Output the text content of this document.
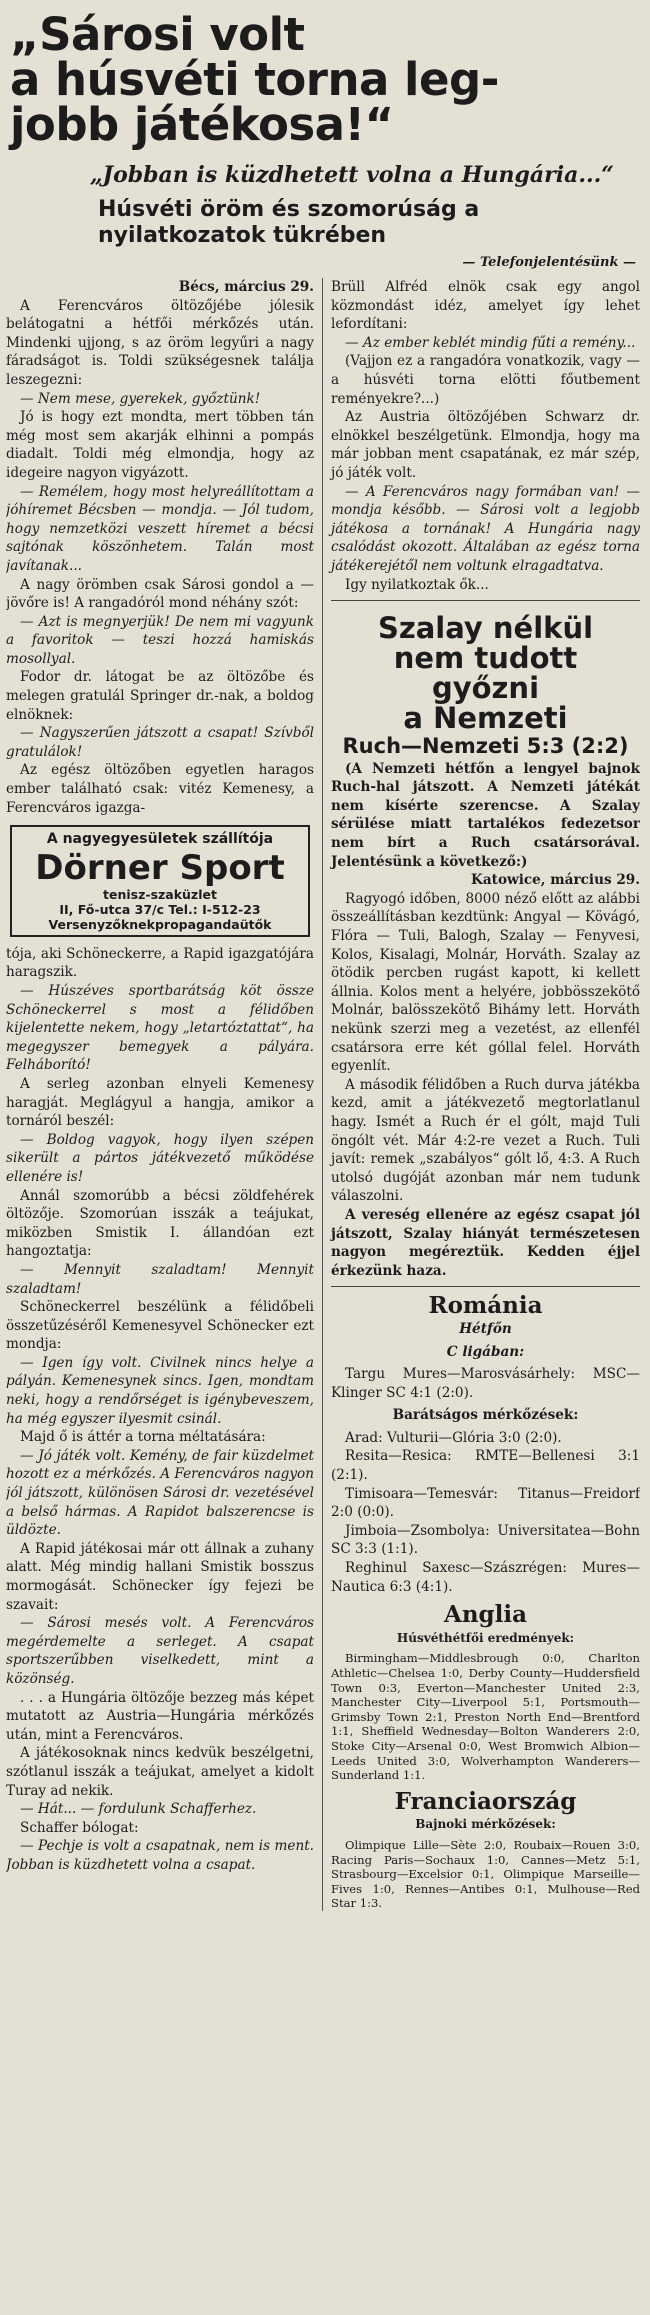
„Sárosi volt
a húsvéti torna leg-
jobb játékosa!“
„Jobban is küzdhetett volna a Hungária...“
Húsvéti öröm és szomorúság a nyilatkozatok tükrében
— Telefonjelentésünk —

Bécs, március 29.

A Ferencváros öltözőjébe jólesik belátogatni a hétfői mérkőzés után. Mindenki ujjong, s az öröm legyűri a nagy fáradságot is. Toldi szükségesnek találja leszegezni:

— Nem mese, gyerekek, győztünk!

Jó is hogy ezt mondta, mert többen tán még most sem akarják elhinni a pompás diadalt. Toldi még elmondja, hogy az idegeire nagyon vigyázott.

— Remélem, hogy most helyreállítottam a jóhíremet Bécsben — mondja. — Jól tudom, hogy nemzetközi veszett híremet a bécsi sajtónak köszönhetem. Talán most javítanak...

A nagy örömben csak Sárosi gondol a — jövőre is! A rangadóról mond néhány szót:

— Azt is megnyerjük! De nem mi vagyunk a favoritok — teszi hozzá hamiskás mosollyal.

Fodor dr. látogat be az öltözőbe és melegen gratulál Springer dr.-nak, a boldog elnöknek:

— Nagyszerűen játszott a csapat! Szívből gratulálok!

Az egész öltözőben egyetlen haragos ember található csak: vitéz Kemenesy, a Ferencváros igazga-

A nagyegyesületek szállítója
Dörner Sport
tenisz-szaküzlet
II, Fő-utca 37/c Tel.: I-512-23
Versenyzőknekpropagandaütők

tója, aki Schöneckerre, a Rapid igazgatójára haragszik.

— Húszéves sportbarátság köt össze Schöneckerrel s most a félidőben kijelentette nekem, hogy „letartóztattat“, ha megegyszer bemegyek a pályára. Felháborító!

A serleg azonban elnyeli Kemenesy haragját. Meglágyul a hangja, amikor a tornáról beszél:

— Boldog vagyok, hogy ilyen szépen sikerült a pártos játékvezető működése ellenére is!

Annál szomorúbb a bécsi zöldfehérek öltözője. Szomorúan isszák a teájukat, miközben Smistik I. állandóan ezt hangoztatja:

— Mennyit szaladtam! Mennyit szaladtam!

Schöneckerrel beszélünk a félidőbeli összetűzéséről Kemenesyvel Schönecker ezt mondja:

— Igen így volt. Civilnek nincs helye a pályán. Kemenesynek sincs. Igen, mondtam neki, hogy a rendőrséget is igénybeveszem, ha még egyszer ilyesmit csinál.

Majd ő is áttér a torna méltatására:

— Jó játék volt. Kemény, de fair küzdelmet hozott ez a mérkőzés. A Ferencváros nagyon jól játszott, különösen Sárosi dr. vezetésével a belső hármas. A Rapidot balszerencse is üldözte.

A Rapid játékosai már ott állnak a zuhany alatt. Még mindig hallani Smistik bosszus mormogását. Schönecker így fejezi be szavait:

— Sárosi mesés volt. A Ferencváros megérdemelte a serleget. A csapat sportszerűbben viselkedett, mint a közönség.

. . . a Hungária öltözője bezzeg más képet mutatott az Austria—Hungária mérkőzés után, mint a Ferencváros.

A játékosoknak nincs kedvük beszélgetni, szótlanul isszák a teájukat, amelyet a kidolt Turay ad nekik.

— Hát... — fordulunk Schafferhez.

Schaffer bólogat:

— Pechje is volt a csapatnak, nem is ment. Jobban is küzdhetett volna a csapat.

Brüll Alfréd elnök csak egy angol közmondást idéz, amelyet így lehet lefordítani:

— Az ember keblét mindig fűti a remény...

(Vajjon ez a rangadóra vonatkozik, vagy — a húsvéti torna elötti főutbement reményekre?...)

Az Austria öltözőjében Schwarz dr. elnökkel beszélgetünk. Elmondja, hogy ma már jobban ment csapatának, ez már szép, jó játék volt.

— A Ferencváros nagy formában van! — mondja később. — Sárosi volt a legjobb játékosa a tornának! A Hungária nagy csalódást okozott. Általában az egész torna játékerejétől nem voltunk elragadtatva.

Igy nyilatkoztak ők...

Szalay nélkül
nem tudott
győzni
a Nemzeti
Ruch—Nemzeti 5:3 (2:2)

(A Nemzeti hétfőn a lengyel bajnok Ruch-hal játszott. A Nemzeti játékát nem kísérte szerencse. A Szalay sérülése miatt tartalékos fedezetsor nem bírt a Ruch csatársorával. Jelentésünk a következő:)

Katowice, március 29.

Ragyogó időben, 8000 néző előtt az alábbi összeállításban kezdtünk: Angyal — Kövágó, Flóra — Tuli, Balogh, Szalay — Fenyvesi, Kolos, Kisalagi, Molnár, Horváth. Szalay az ötödik percben rugást kapott, ki kellett állnia. Kolos ment a helyére, jobbösszekötő Molnár, balösszekötő Bihámy lett. Horváth nekünk szerzi meg a vezetést, az ellenfél csatársora erre két góllal felel. Horváth egyenlít.

A második félidőben a Ruch durva játékba kezd, amit a játékvezető megtorlatlanul hagy. Ismét a Ruch ér el gólt, majd Tuli öngólt vét. Már 4:2-re vezet a Ruch. Tuli javít: remek „szabályos“ gólt lő, 4:3. A Ruch utolsó dugóját azonban már nem tudunk válaszolni.

A vereség ellenére az egész csapat jól játszott, Szalay hiányát természetesen nagyon megéreztük. Kedden éjjel érkezünk haza.

Románia
Hétfőn
C ligában:

Targu Mures—Marosvásárhely: MSC—Klinger SC 4:1 (2:0).

Barátságos mérkőzések:

Arad: Vulturii—Glória 3:0 (2:0).

Resita—Resica: RMTE—Bellenesi 3:1 (2:1).

Timisoara—Temesvár: Titanus—Freidorf 2:0 (0:0).

Jimboia—Zsombolya: Universitatea—Bohn SC 3:3 (1:1).

Reghinul Saxesc—Szászrégen: Mures—Nautica 6:3 (4:1).

Anglia
Húsvéthétfői eredmények:

Birmingham—Middlesbrough 0:0, Charlton Athletic—Chelsea 1:0, Derby County—Huddersfield Town 0:3, Everton—Manchester United 2:3, Manchester City—Liverpool 5:1, Portsmouth—Grimsby Town 2:1, Preston North End—Brentford 1:1, Sheffield Wednesday—Bolton Wanderers 2:0, Stoke City—Arsenal 0:0, West Bromwich Albion—Leeds United 3:0, Wolverhampton Wanderers—Sunderland 1:1.

Franciaország
Bajnoki mérkőzések:

Olimpique Lille—Sète 2:0, Roubaix—Rouen 3:0, Racing Paris—Sochaux 1:0, Cannes—Metz 5:1, Strasbourg—Excelsior 0:1, Olimpique Marseille—Fives 1:0, Rennes—Antibes 0:1, Mulhouse—Red Star 1:3.
